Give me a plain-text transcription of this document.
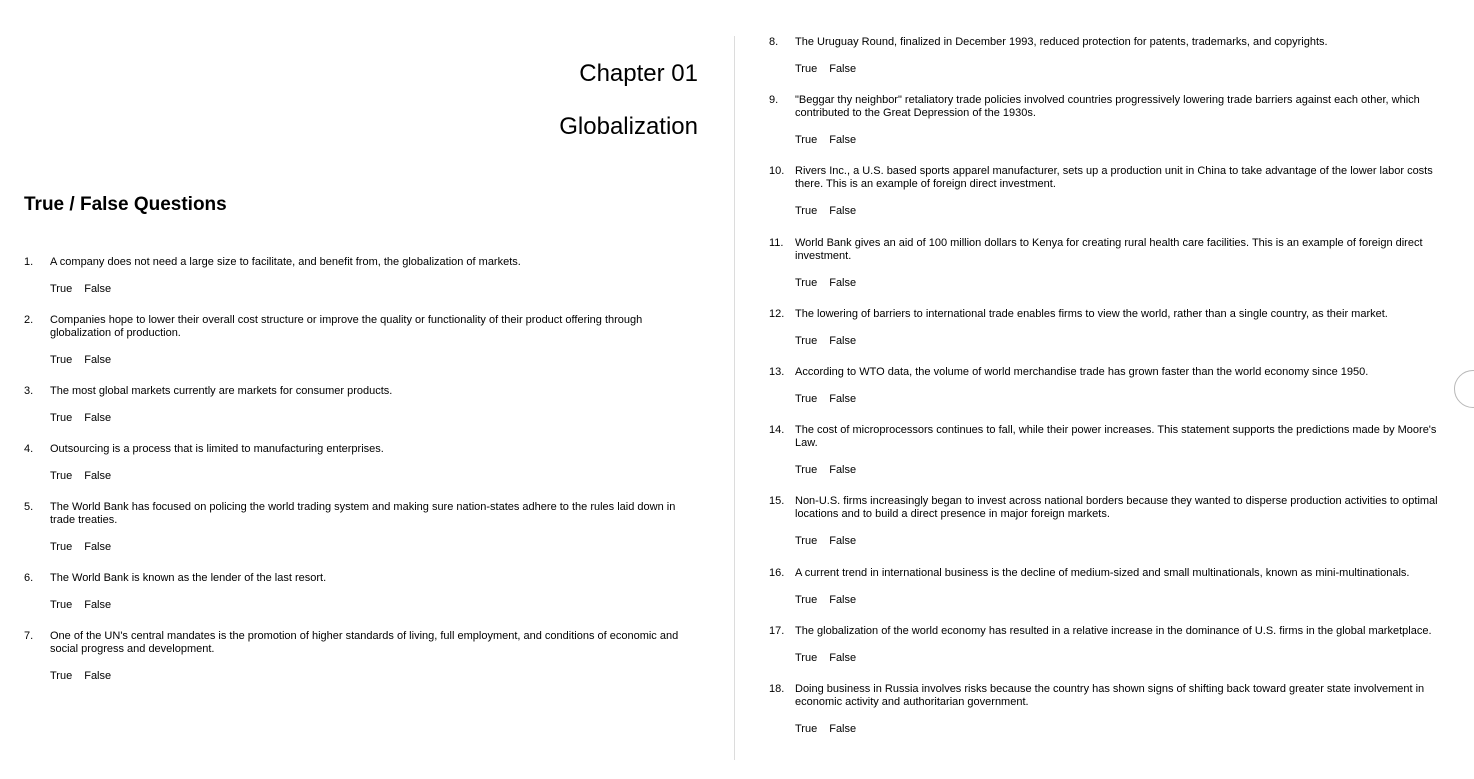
Chapter 01
Globalization
True / False Questions
1. A company does not need a large size to facilitate, and benefit from, the globalization of markets.
True False
2. Companies hope to lower their overall cost structure or improve the quality or functionality of their product offering through globalization of production.
True False
3. The most global markets currently are markets for consumer products.
True False
4. Outsourcing is a process that is limited to manufacturing enterprises.
True False
5. The World Bank has focused on policing the world trading system and making sure nation-states adhere to the rules laid down in trade treaties.
True False
6. The World Bank is known as the lender of the last resort.
True False
7. One of the UN's central mandates is the promotion of higher standards of living, full employment, and conditions of economic and social progress and development.
True False
8. The Uruguay Round, finalized in December 1993, reduced protection for patents, trademarks, and copyrights.
True False
9. "Beggar thy neighbor" retaliatory trade policies involved countries progressively lowering trade barriers against each other, which contributed to the Great Depression of the 1930s.
True False
10. Rivers Inc., a U.S. based sports apparel manufacturer, sets up a production unit in China to take advantage of the lower labor costs there. This is an example of foreign direct investment.
True False
11. World Bank gives an aid of 100 million dollars to Kenya for creating rural health care facilities. This is an example of foreign direct investment.
True False
12. The lowering of barriers to international trade enables firms to view the world, rather than a single country, as their market.
True False
13. According to WTO data, the volume of world merchandise trade has grown faster than the world economy since 1950.
True False
14. The cost of microprocessors continues to fall, while their power increases. This statement supports the predictions made by Moore's Law.
True False
15. Non-U.S. firms increasingly began to invest across national borders because they wanted to disperse production activities to optimal locations and to build a direct presence in major foreign markets.
True False
16. A current trend in international business is the decline of medium-sized and small multinationals, known as mini-multinationals.
True False
17. The globalization of the world economy has resulted in a relative increase in the dominance of U.S. firms in the global marketplace.
True False
18. Doing business in Russia involves risks because the country has shown signs of shifting back toward greater state involvement in economic activity and authoritarian government.
True False
